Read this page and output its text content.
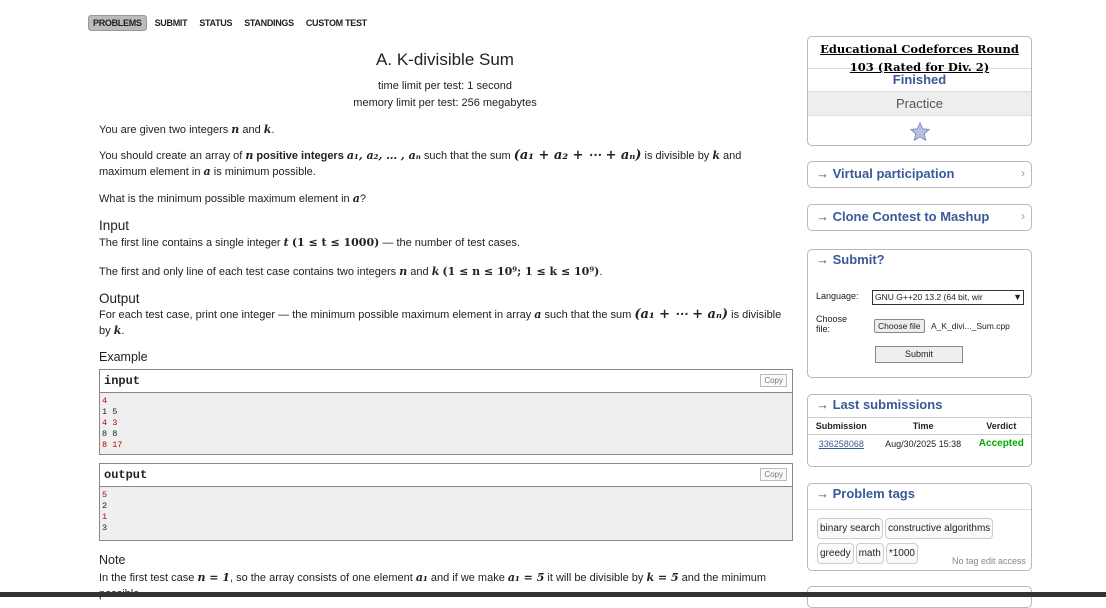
PROBLEMS	SUBMIT	STATUS	STANDINGS	CUSTOM TEST
A. K-divisible Sum
time limit per test: 1 second
memory limit per test: 256 megabytes
You are given two integers n and k.
You should create an array of n positive integers a₁, a₂, … , aₙ such that the sum (a₁ + a₂ + ⋯ + aₙ) is divisible by k and
maximum element in a is minimum possible.
What is the minimum possible maximum element in a?
Input
The first line contains a single integer t (1 ≤ t ≤ 1000) — the number of test cases.
The first and only line of each test case contains two integers n and k (1 ≤ n ≤ 10⁹; 1 ≤ k ≤ 10⁹).
Output
For each test case, print one integer — the minimum possible maximum element in array a such that the sum (a₁ + ⋯ + aₙ) is divisible
by k.
Example
input	Copy
4
1 5
4 3
8 8
8 17
output	Copy
5
2
1
3
Note
In the first test case n = 1, so the array consists of one element a₁ and if we make a₁ = 5 it will be divisible by k = 5 and the minimum
Educational Codeforces Round 103 (Rated for Div. 2)
Finished
Practice
→ Virtual participation	›
→ Clone Contest to Mashup	›
→ Submit?
Language:	GNU G++20 13.2 (64 bit, wir	▼
Choose file:	Choose file	A_K_divi..._Sum.cpp
Submit
→ Last submissions
Submission	Time	Verdict
336258068	Aug/30/2025 15:38	Accepted
→ Problem tags
binary search constructive algorithms
greedy math *1000
No tag edit access
